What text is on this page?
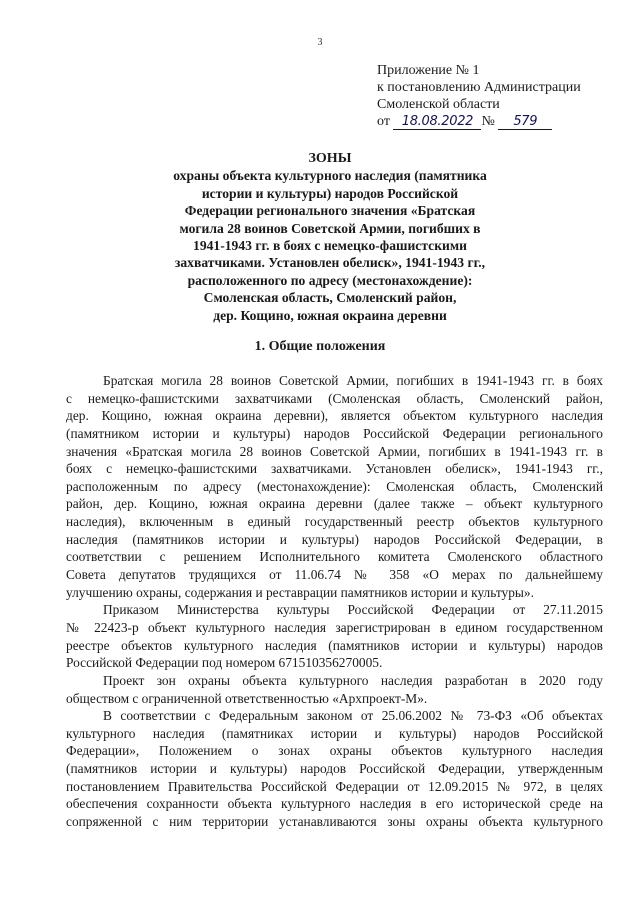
3
Приложение № 1
к постановлению Администрации
Смоленской области
от 18.08.2022 № 579
ЗОНЫ
охраны объекта культурного наследия (памятника
истории и культуры) народов Российской
Федерации регионального значения «Братская
могила 28 воинов Советской Армии, погибших в
1941-1943 гг. в боях с немецко-фашистскими
захватчиками. Установлен обелиск», 1941-1943 гг.,
расположенного по адресу (местонахождение):
Смоленская область, Смоленский район,
дер. Кощино, южная окраина деревни
1. Общие положения
Братская могила 28 воинов Советской Армии, погибших в 1941-1943 гг. в боях
с немецко-фашистскими захватчиками (Смоленская область, Смоленский район,
дер. Кощино, южная окраина деревни), является объектом культурного наследия
(памятником истории и культуры) народов Российской Федерации регионального
значения «Братская могила 28 воинов Советской Армии, погибших в 1941-1943 гг. в
боях с немецко-фашистскими захватчиками. Установлен обелиск», 1941-1943 гг.,
расположенным по адресу (местонахождение): Смоленская область, Смоленский
район, дер. Кощино, южная окраина деревни (далее также – объект культурного
наследия), включенным в единый государственный реестр объектов культурного
наследия (памятников истории и культуры) народов Российской Федерации, в
соответствии с решением Исполнительного комитета Смоленского областного
Совета депутатов трудящихся от 11.06.74 № 358 «О мерах по дальнейшему
улучшению охраны, содержания и реставрации памятников истории и культуры».
Приказом Министерства культуры Российской Федерации от 27.11.2015
№ 22423-р объект культурного наследия зарегистрирован в едином государственном
реестре объектов культурного наследия (памятников истории и культуры) народов
Российской Федерации под номером 671510356270005.
Проект зон охраны объекта культурного наследия разработан в 2020 году
обществом с ограниченной ответственностью «Архпроект-М».
В соответствии с Федеральным законом от 25.06.2002 № 73-ФЗ «Об объектах
культурного наследия (памятниках истории и культуры) народов Российской
Федерации», Положением о зонах охраны объектов культурного наследия
(памятников истории и культуры) народов Российской Федерации, утвержденным
постановлением Правительства Российской Федерации от 12.09.2015 № 972, в целях
обеспечения сохранности объекта культурного наследия в его исторической среде на
сопряженной с ним территории устанавливаются зоны охраны объекта культурного
